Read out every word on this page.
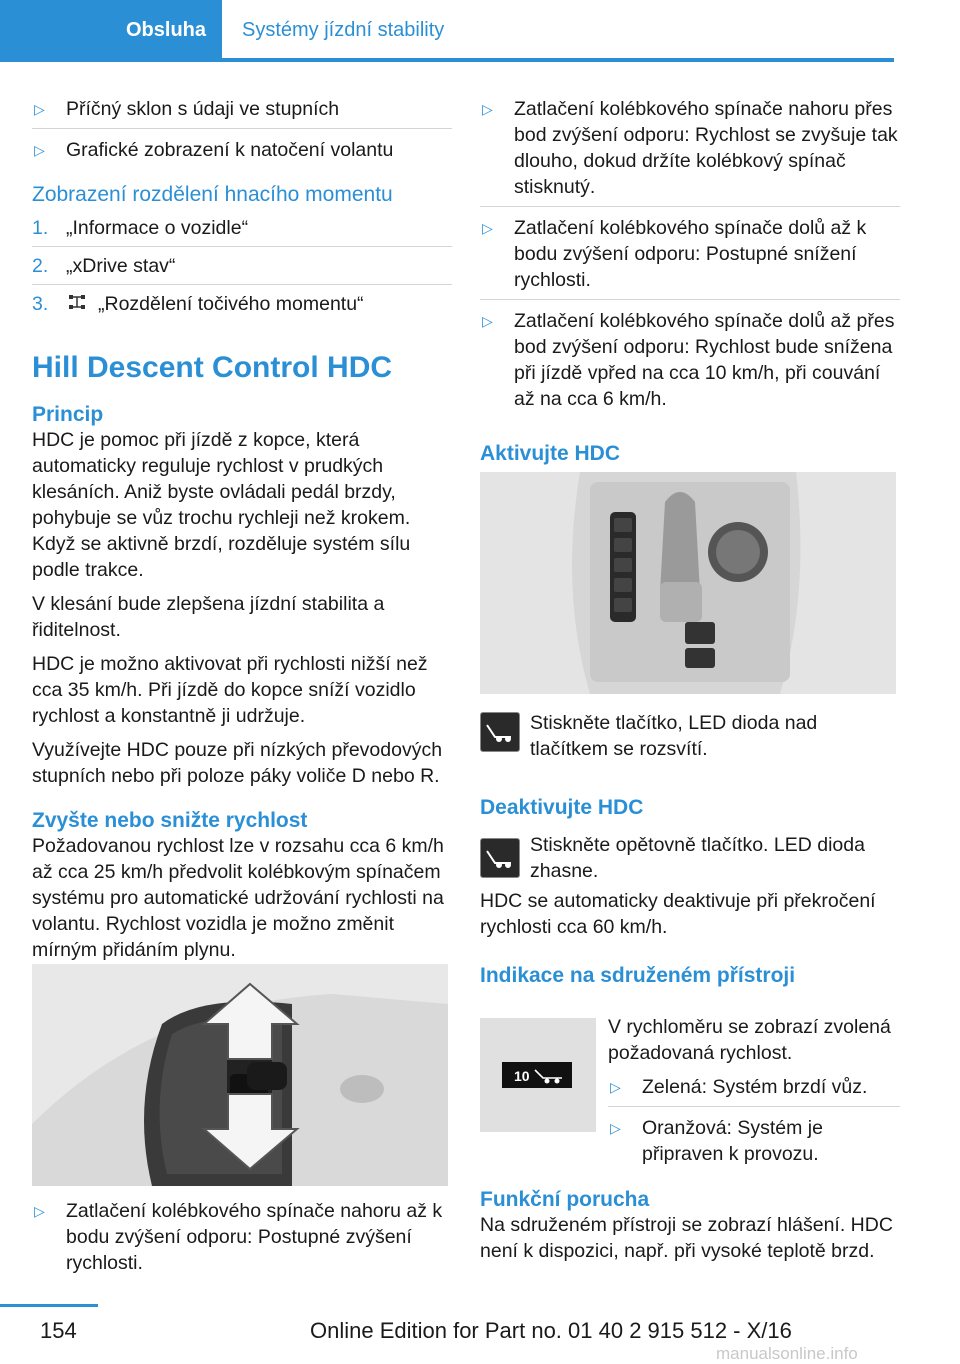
Obsluha	Systémy jízdní stability
▷ Příčný sklon s údaji ve stupních
▷ Grafické zobrazení k natočení volantu
Zobrazení rozdělení hnacího momentu
1. „Informace o vozidle“
2. „xDrive stav“
3.	„Rozdělení točivého momentu“
Hill Descent Control HDC
Princip

HDC je pomoc při jízdě z kopce, která automaticky reguluje rychlost v prudkých klesáních. Aniž byste ovládali pedál brzdy, pohybuje se vůz trochu rychleji než krokem. Když se aktivně brzdí, rozděluje systém sílu podle trakce.

V klesání bude zlepšena jízdní stabilita a řiditelnost.

HDC je možno aktivovat při rychlosti nižší než cca 35 km/h. Při jízdě do kopce sníží vozidlo rychlost a konstantně ji udržuje.

Využívejte HDC pouze při nízkých převodových stupních nebo při poloze páky voliče D nebo R.

Zvyšte nebo snižte rychlost

Požadovanou rychlost lze v rozsahu cca 6 km/h až cca 25 km/h předvolit kolébkovým spínačem systému pro automatické udržování rychlosti na volantu. Rychlost vozidla je možno změnit mírným přidáním plynu.

▷ Zatlačení kolébkového spínače nahoru až k bodu zvýšení odporu: Postupné zvýšení rychlosti.
▷ Zatlačení kolébkového spínače nahoru přes bod zvýšení odporu: Rychlost se zvyšuje tak dlouho, dokud držíte kolébkový spínač stisknutý.
▷ Zatlačení kolébkového spínače dolů až k bodu zvýšení odporu: Postupné snížení rychlosti.
▷ Zatlačení kolébkového spínače dolů až přes bod zvýšení odporu: Rychlost bude snížena při jízdě vpřed na cca 10 km/h, při couvání až na cca 6 km/h.
Aktivujte HDC

Stiskněte tlačítko, LED dioda nad tlačítkem se rozsvítí.

Deaktivujte HDC

Stiskněte opětovně tlačítko. LED dioda zhasne.

HDC se automaticky deaktivuje při překročení rychlosti cca 60 km/h.

Indikace na sdruženém přístroji
10

V rychloměru se zobrazí zvolená požadovaná rychlost.

▷ Zelená: Systém brzdí vůz.
▷ Oranžová: Systém je připraven k provozu.
Funkční porucha

Na sdruženém přístroji se zobrazí hlášení. HDC není k dispozici, např. při vysoké teplotě brzd.

154	Online Edition for Part no. 01 40 2 915 512 - X/16
manualsonline.info
